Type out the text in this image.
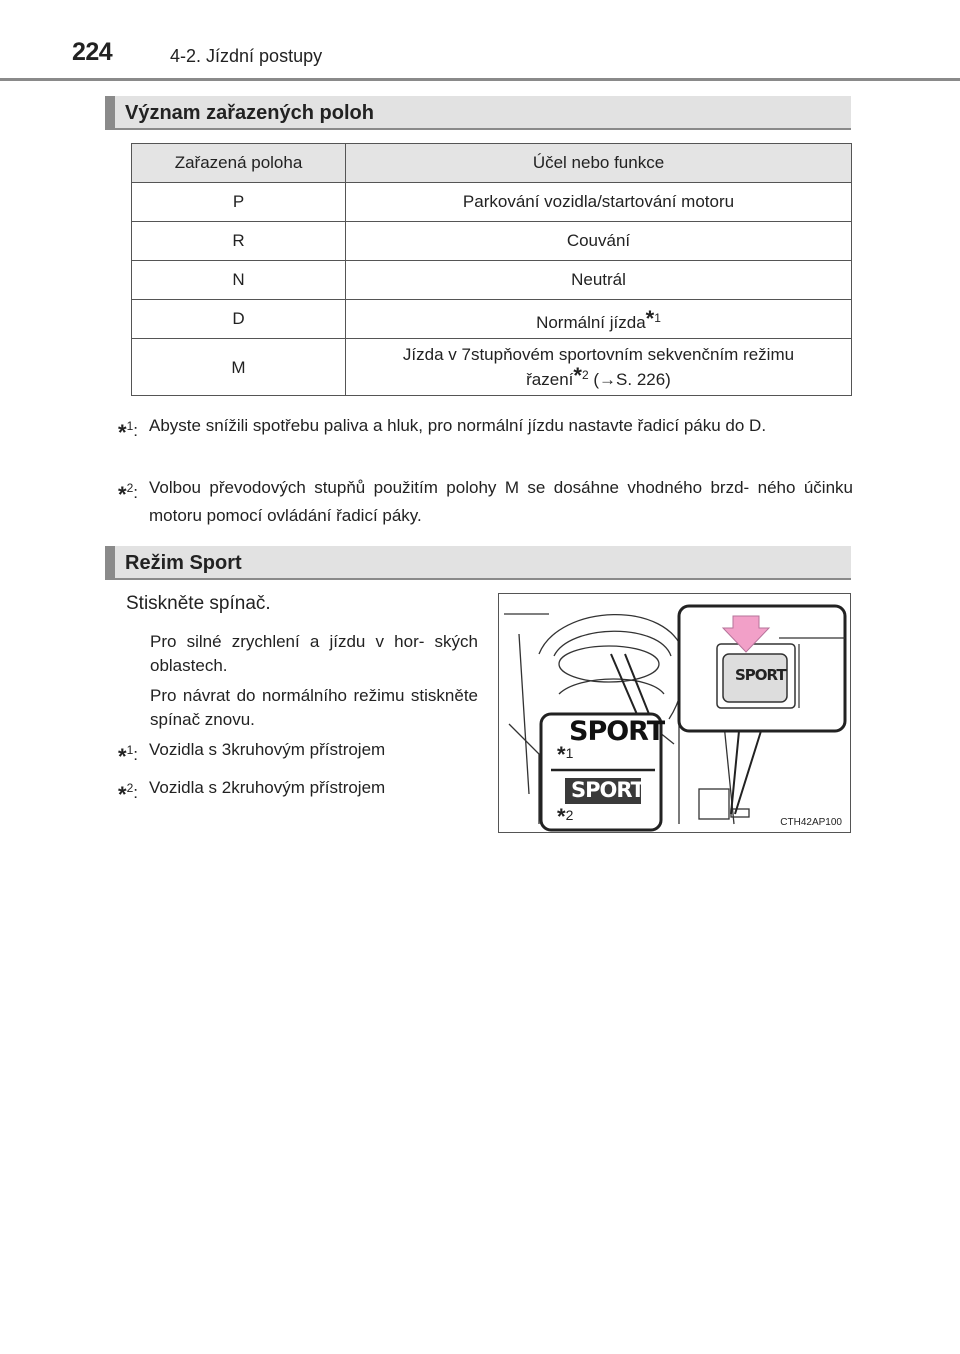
224	4-2. Jízdní postupy
Význam zařazených poloh
Zařazená poloha	Účel nebo funkce
P	Parkování vozidla/startování motoru
R	Couvání
N	Neutrál
D	Normální jízda$^{*1}$
M	Jízda v 7stupňovém sportovním sekvenčním režimu
řazení$^{*2}$ (→S. 226)
*$^1$: Abyste snížili spotřebu paliva a hluk, pro normální jízdu nastavte řadicí páku do D.
*$^2$: Volbou převodových stupňů použitím polohy M se dosáhne vhodného brzd- ného účinku motoru pomocí ovládání řadicí páky.
Režim Sport
Stiskněte spínač.
Pro silné zrychlení a jízdu v hor- ských oblastech.
Pro návrat do normálního režimu stiskněte spínač znovu.
*$^1$: Vozidla s 3kruhovým přístrojem
*$^2$: Vozidla s 2kruhovým přístrojem
SPORT
SPORT
SPORT
*1
*2	CTH42AP100
